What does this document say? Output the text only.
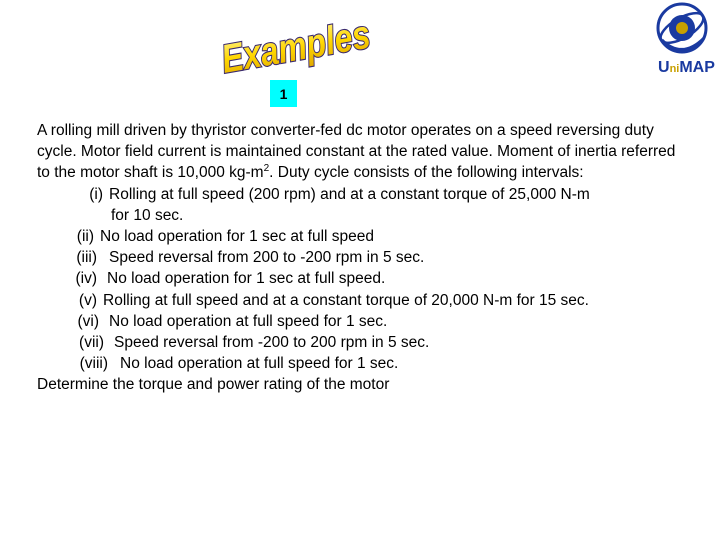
Examples	UniMAP
1

A rolling mill driven by thyristor converter-fed dc motor operates on a speed reversing duty cycle. Motor field current is maintained constant at the rated value. Moment of inertia referred to the motor shaft is 10,000 $kg-m^2$. Duty cycle consists of the following intervals:

(i) Rolling at full speed (200 rpm) and at a constant torque of 25,000 N-m
for 10 sec.
(ii) No load operation for 1 sec at full speed
(iii) Speed reversal from 200 to -200 rpm in 5 sec.
(iv) No load operation for 1 sec at full speed.
(v) Rolling at full speed and at a constant torque of 20,000 N-m for 15 sec.
(vi) No load operation at full speed for 1 sec.
(vii) Speed reversal from -200 to 200 rpm in 5 sec.
(viii) No load operation at full speed for 1 sec.

Determine the torque and power rating of the motor
